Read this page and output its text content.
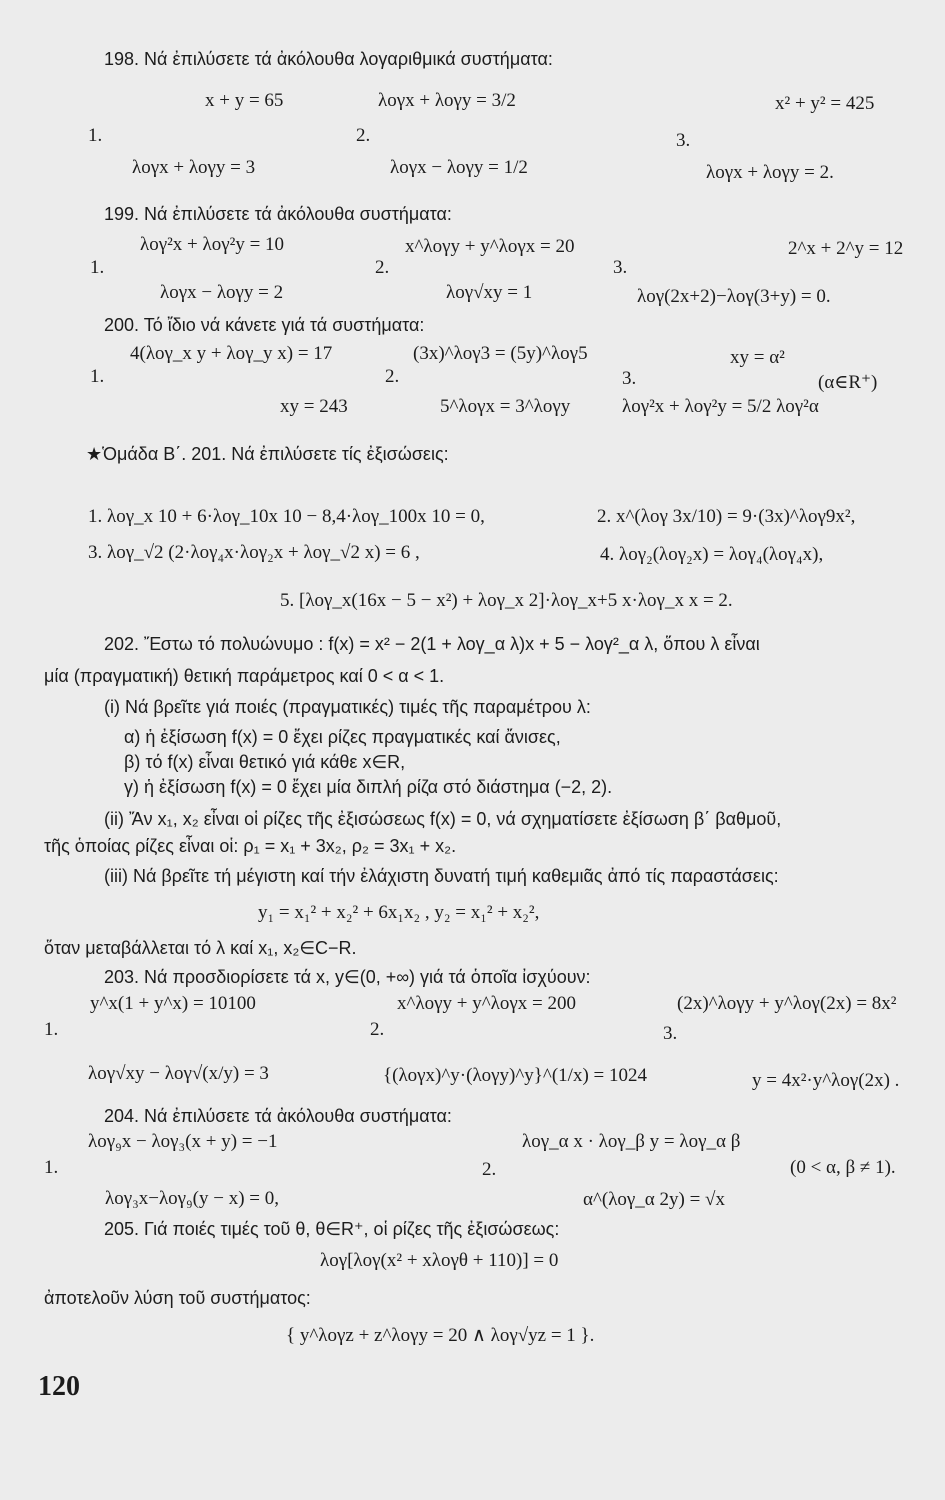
198. Νά ἐπιλύσετε τά ἀκόλουθα λογαριθμικά συστήματα:
x + y = 65	λογx + λογy = 3/2	x² + y² = 425
1.	2.	3.
λογx + λογy = 3	λογx − λογy = 1/2	λογx + λογy = 2.
199. Νά ἐπιλύσετε τά ἀκόλουθα συστήματα:
λογ²x + λογ²y = 10	x^λογy + y^λογx = 20	2^x + 2^y = 12
1.	2.	3.
λογx − λογy = 2	λογ√xy = 1	λογ(2x+2)−λογ(3+y) = 0.
200. Τό ἴδιο νά κάνετε γιά τά συστήματα:
4(λογ_x y + λογ_y x) = 17	(3x)^λογ3 = (5y)^λογ5	xy = α²
1.	2.	3.	(α∈R⁺)
xy = 243	5^λογx = 3^λογy	λογ²x + λογ²y = 5/2 λογ²α
★Ὁμάδα Β΄. 201. Νά ἐπιλύσετε τίς ἐξισώσεις:
1. λογ_x 10 + 6·λογ_10x 10 − 8,4·λογ_100x 10 = 0,	2. x^(λογ 3x/10) = 9·(3x)^λογ9x²,
3. λογ_√2 (2·λογ₄x·λογ₂x + λογ_√2 x) = 6 ,	4. λογ₂(λογ₂x) = λογ₄(λογ₄x),
5. [λογ_x(16x − 5 − x²) + λογ_x 2]·λογ_x+5 x·λογ_x x = 2.
202. Ἔστω τό πολυώνυμο : f(x) = x² − 2(1 + λογ_α λ)x + 5 − λογ²_α λ, ὅπου λ εἶναι
μία (πραγματική) θετική παράμετρος καί 0 < α < 1.
(i) Νά βρεῖτε γιά ποιές (πραγματικές) τιμές τῆς παραμέτρου λ:
α) ἡ ἐξίσωση f(x) = 0 ἔχει ρίζες πραγματικές καί ἄνισες,
β) τό f(x) εἶναι θετικό γιά κάθε x∈R,
γ) ἡ ἐξίσωση f(x) = 0 ἔχει μία διπλή ρίζα στό διάστημα (−2, 2).
(ii) Ἄν x₁, x₂ εἶναι οἱ ρίζες τῆς ἐξισώσεως f(x) = 0, νά σχηματίσετε ἐξίσωση β΄ βαθμοῦ,
τῆς ὁποίας ρίζες εἶναι οἱ: ρ₁ = x₁ + 3x₂, ρ₂ = 3x₁ + x₂.
(iii) Νά βρεῖτε τή μέγιστη καί τήν ἐλάχιστη δυνατή τιμή καθεμιᾶς ἀπό τίς παραστάσεις:
y₁ = x₁² + x₂² + 6x₁x₂ , y₂ = x₁² + x₂²,
ὅταν μεταβάλλεται τό λ καί x₁, x₂∈C−R.
203. Νά προσδιορίσετε τά x, y∈(0, +∞) γιά τά ὁποῖα ἰσχύουν:
y^x(1 + y^x) = 10100	x^λογy + y^λογx = 200	(2x)^λογy + y^λογ(2x) = 8x²
1.	2.	3.
λογ√xy − λογ√(x/y) = 3	{(λογx)^y·(λογy)^y}^(1/x) = 1024	y = 4x²·y^λογ(2x) .
204. Νά ἐπιλύσετε τά ἀκόλουθα συστήματα:
λογ₉x − λογ₃(x + y) = −1	λογ_α x · λογ_β y = λογ_α β
1.	2.	(0 < α, β ≠ 1).
λογ₃x−λογ₉(y − x) = 0,	α^(λογ_α 2y) = √x
205. Γιά ποιές τιμές τοῦ θ, θ∈R⁺, οἱ ρίζες τῆς ἐξισώσεως:
λογ[λογ(x² + xλογθ + 110)] = 0
ἀποτελοῦν λύση τοῦ συστήματος:
{ y^λογz + z^λογy = 20 ∧ λογ√yz = 1 }.
120
